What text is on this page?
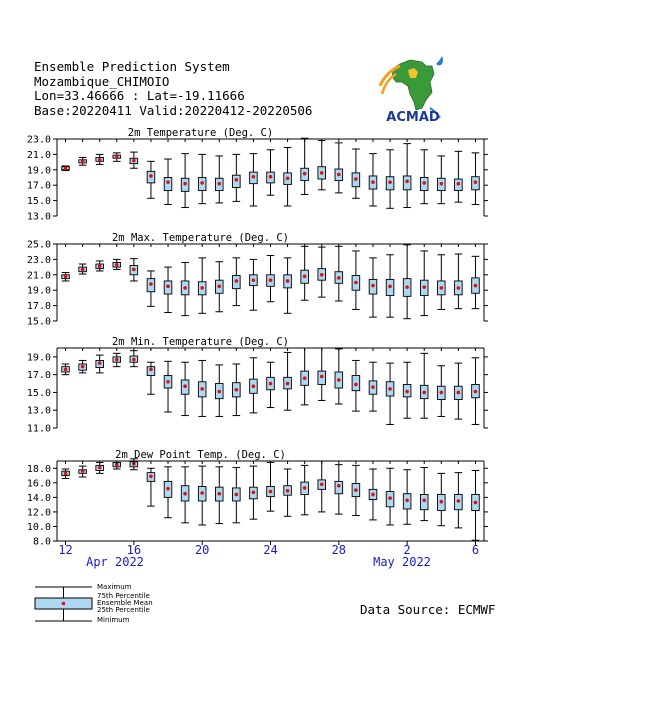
Ensemble Prediction System
Mozambique_CHIMOIO
Lon=33.46666 : Lat=-19.11666
Base:20220411 Valid:20220412-20220506	ACMAD
2m Temperature (Deg. C)
23.0
21.0
19.0
17.0
15.0
13.0
2m Max. Temperature (Deg. C)
25.0
23.0
21.0
19.0
17.0
15.0
2m Min. Temperature (Deg. C)
19.0
17.0
15.0
13.0
11.0
2m Dew Point Temp. (Deg. C)
18.0
16.0
14.0
12.0
10.0
8.0
12	16	20	24	28	2	6
Apr 2022	May 2022
Maximum
75th Percentile
Ensemble Mean
25th Percentile
Minimum
Data Source: ECMWF
